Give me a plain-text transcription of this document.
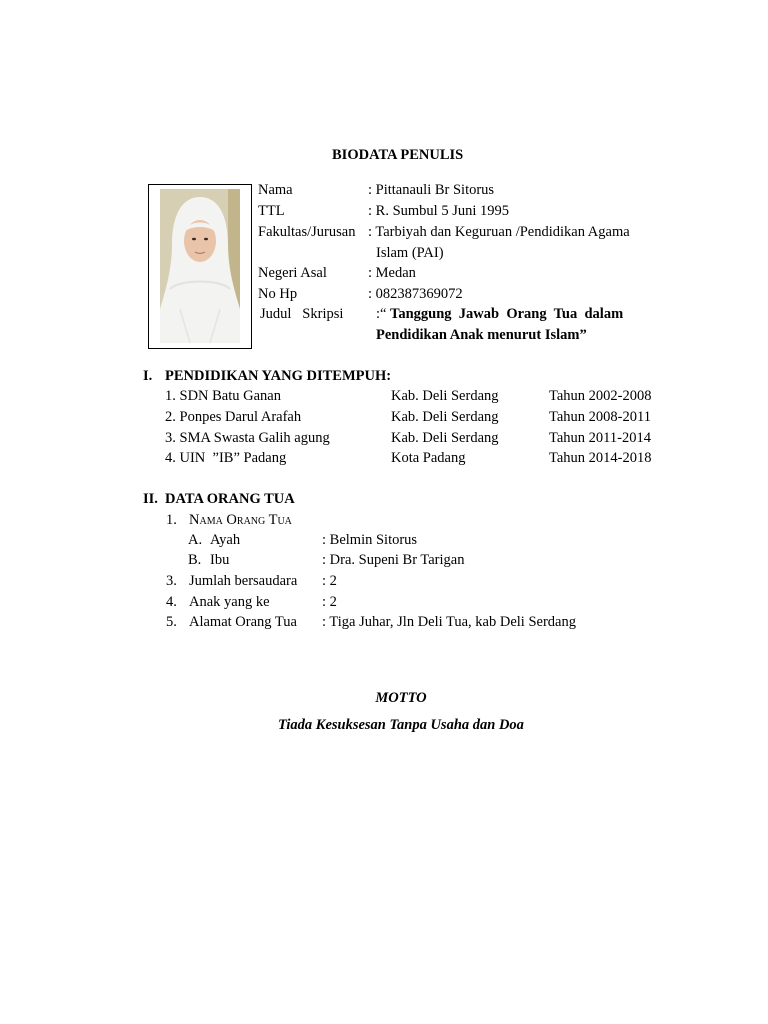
BIODATA PENULIS
Nama	: Pittanauli Br Sitorus
TTL	: R. Sumbul 5 Juni 1995
Fakultas/Jurusan : Tarbiyah dan Keguruan /Pendidikan Agama
Islam (PAI)
Negeri Asal	: Medan
No Hp	: 082387369072
Judul   Skripsi :“ Tanggung  Jawab  Orang  Tua  dalam
Pendidikan Anak menurut Islam”
I. PENDIDIKAN YANG DITEMPUH:
1. SDN Batu Ganan	Kab. Deli Serdang	Tahun 2002-2008
2. Ponpes Darul Arafah	Kab. Deli Serdang	Tahun 2008-2011
3. SMA Swasta Galih agung	Kab. Deli Serdang	Tahun 2011-2014
4. UIN  ”IB” Padang	Kota Padang	Tahun 2014-2018
II. DATA ORANG TUA
1. Nama Orang Tua
A. Ayah	: Belmin Sitorus
B. Ibu	: Dra. Supeni Br Tarigan
3. Jumlah bersaudara : 2
4. Anak yang ke	: 2
5. Alamat Orang Tua : Tiga Juhar, Jln Deli Tua, kab Deli Serdang
MOTTO
Tiada Kesuksesan Tanpa Usaha dan Doa
